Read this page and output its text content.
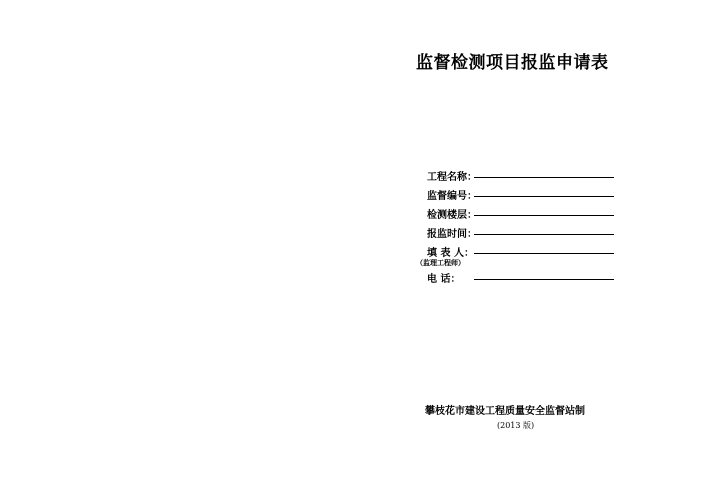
监督检测项目报监申请表
工程名称：
监督编号：
检测楼层：
报监时间：
填 表 人：
（监理工程师）
电 话：
攀枝花市建设工程质量安全监督站制
(2013 版)
